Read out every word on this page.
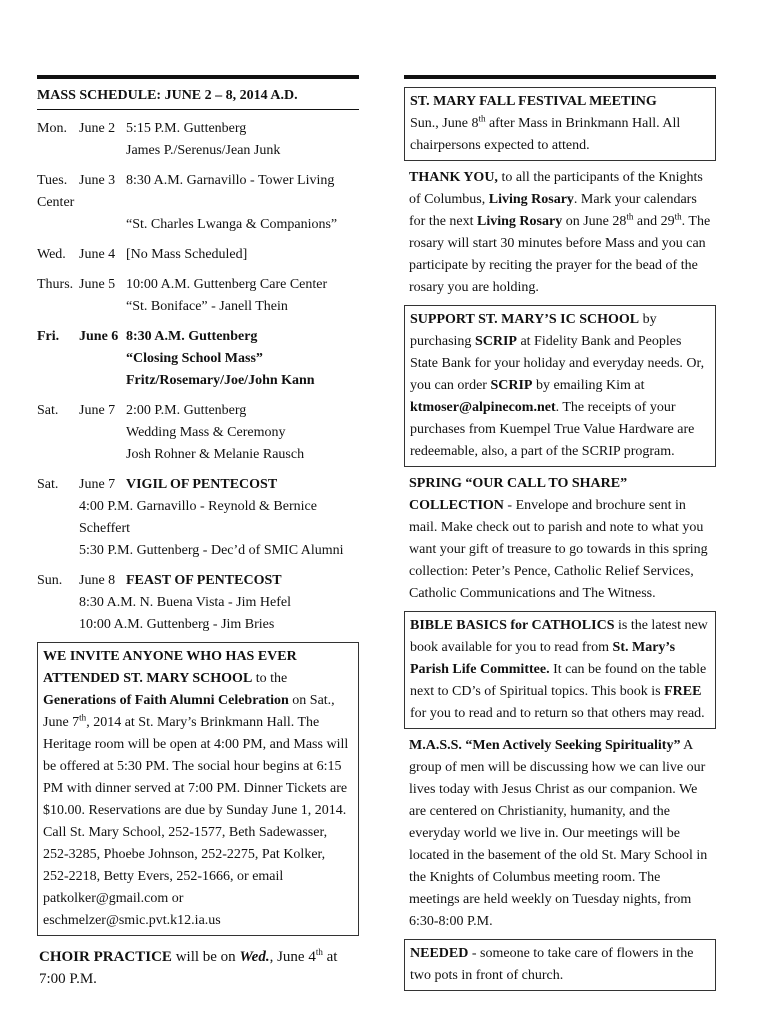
MASS SCHEDULE: JUNE 2 – 8, 2014 A.D.
Mon. June 2 5:15 P.M. Guttenberg
James P./Serenus/Jean Junk
Tues. June 3 8:30 A.M. Garnavillo - Tower Living Center
“St. Charles Lwanga & Companions”
Wed. June 4 [No Mass Scheduled]
Thurs. June 5 10:00 A.M. Guttenberg Care Center
“St. Boniface” - Janell Thein
Fri. June 6 8:30 A.M. Guttenberg
“Closing School Mass”
Fritz/Rosemary/Joe/John Kann
Sat. June 7 2:00 P.M. Guttenberg
Wedding Mass & Ceremony
Josh Rohner & Melanie Rausch
Sat. June 7 VIGIL OF PENTECOST
4:00 P.M. Garnavillo - Reynold & Bernice Scheffert
5:30 P.M. Guttenberg - Dec’d of SMIC Alumni
Sun. June 8 FEAST OF PENTECOST
8:30 A.M. N. Buena Vista - Jim Hefel
10:00 A.M. Guttenberg - Jim Bries
WE INVITE ANYONE WHO HAS EVER ATTENDED ST. MARY SCHOOL to the Generations of Faith Alumni Celebration on Sat., June 7th, 2014 at St. Mary’s Brinkmann Hall. The Heritage room will be open at 4:00 PM, and Mass will be offered at 5:30 PM. The social hour begins at 6:15 PM with dinner served at 7:00 PM. Dinner Tickets are $10.00. Reservations are due by Sunday June 1, 2014. Call St. Mary School, 252-1577, Beth Sadewasser, 252-3285, Phoebe Johnson, 252-2275, Pat Kolker, 252-2218, Betty Evers, 252-1666, or email patkolker@gmail.com or eschmelzer@smic.pvt.k12.ia.us
CHOIR PRACTICE will be on Wed., June 4th at 7:00 P.M.
ST. MARY FALL FESTIVAL MEETING
Sun., June 8th after Mass in Brinkmann Hall. All chairpersons expected to attend.
THANK YOU, to all the participants of the Knights of Columbus, Living Rosary. Mark your calendars for the next Living Rosary on June 28th and 29th. The rosary will start 30 minutes before Mass and you can participate by reciting the prayer for the bead of the rosary you are holding.
SUPPORT ST. MARY’S IC SCHOOL by purchasing SCRIP at Fidelity Bank and Peoples State Bank for your holiday and everyday needs. Or, you can order SCRIP by emailing Kim at ktmoser@alpinecom.net. The receipts of your purchases from Kuempel True Value Hardware are redeemable, also, a part of the SCRIP program.
SPRING “OUR CALL TO SHARE” COLLECTION - Envelope and brochure sent in mail. Make check out to parish and note to what you want your gift of treasure to go towards in this spring collection: Peter’s Pence, Catholic Relief Services, Catholic Communications and The Witness.
BIBLE BASICS for CATHOLICS is the latest new book available for you to read from St. Mary’s Parish Life Committee. It can be found on the table next to CD’s of Spiritual topics. This book is FREE for you to read and to return so that others may read.
M.A.S.S. “Men Actively Seeking Spirituality” A group of men will be discussing how we can live our lives today with Jesus Christ as our companion. We are centered on Christianity, humanity, and the everyday world we live in. Our meetings will be located in the basement of the old St. Mary School in the Knights of Columbus meeting room. The meetings are held weekly on Tuesday nights, from 6:30-8:00 P.M.
NEEDED - someone to take care of flowers in the two pots in front of church.
